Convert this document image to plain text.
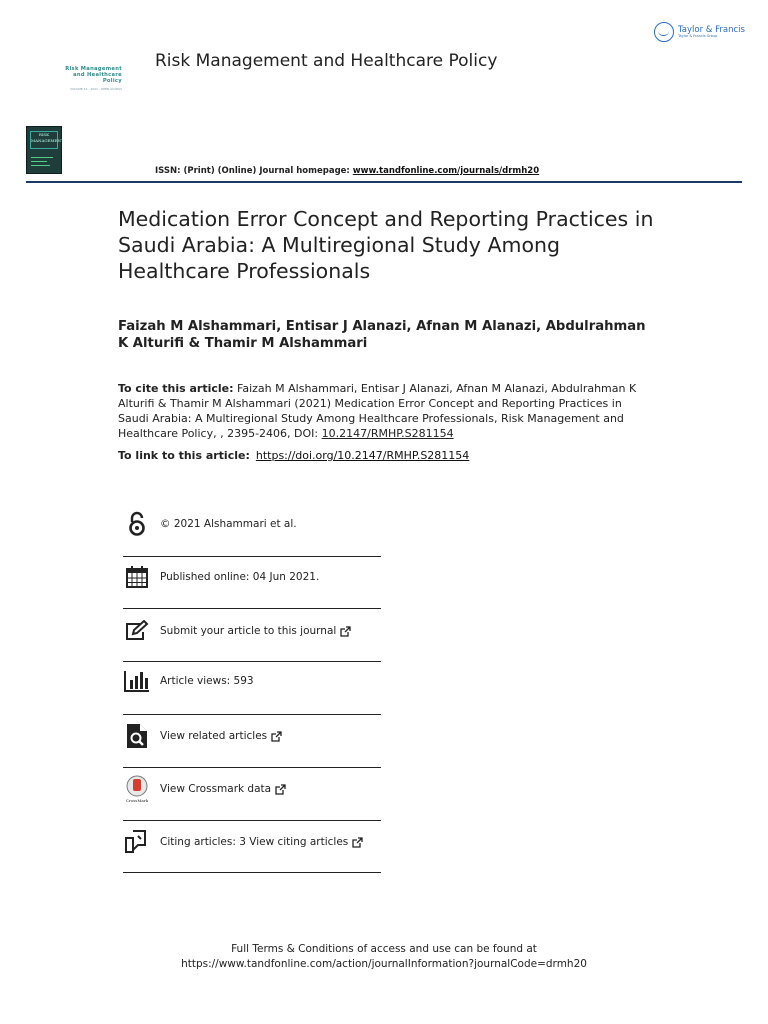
Taylor & Francis
Taylor & Francis Group
Risk Management
and Healthcare
Policy
VOLUME 14 · 2021 · OPEN ACCESS
Risk Management and Healthcare Policy
RISK MANAGEMENT
ISSN: (Print) (Online) Journal homepage: www.tandfonline.com/journals/drmh20
Medication Error Concept and Reporting Practices in Saudi Arabia: A Multiregional Study Among Healthcare Professionals
Faizah M Alshammari, Entisar J Alanazi, Afnan M Alanazi, Abdulrahman K Alturifi & Thamir M Alshammari
To cite this article: Faizah M Alshammari, Entisar J Alanazi, Afnan M Alanazi, Abdulrahman K Alturifi & Thamir M Alshammari (2021) Medication Error Concept and Reporting Practices in Saudi Arabia: A Multiregional Study Among Healthcare Professionals, Risk Management and Healthcare Policy, , 2395-2406, DOI: 10.2147/RMHP.S281154
To link to this article: https://doi.org/10.2147/RMHP.S281154
© 2021 Alshammari et al.
Published online: 04 Jun 2021.
Submit your article to this journal
Article views: 593
View related articles
CrossMark
View Crossmark data
Citing articles: 3 View citing articles
Full Terms & Conditions of access and use can be found at
https://www.tandfonline.com/action/journalInformation?journalCode=drmh20
